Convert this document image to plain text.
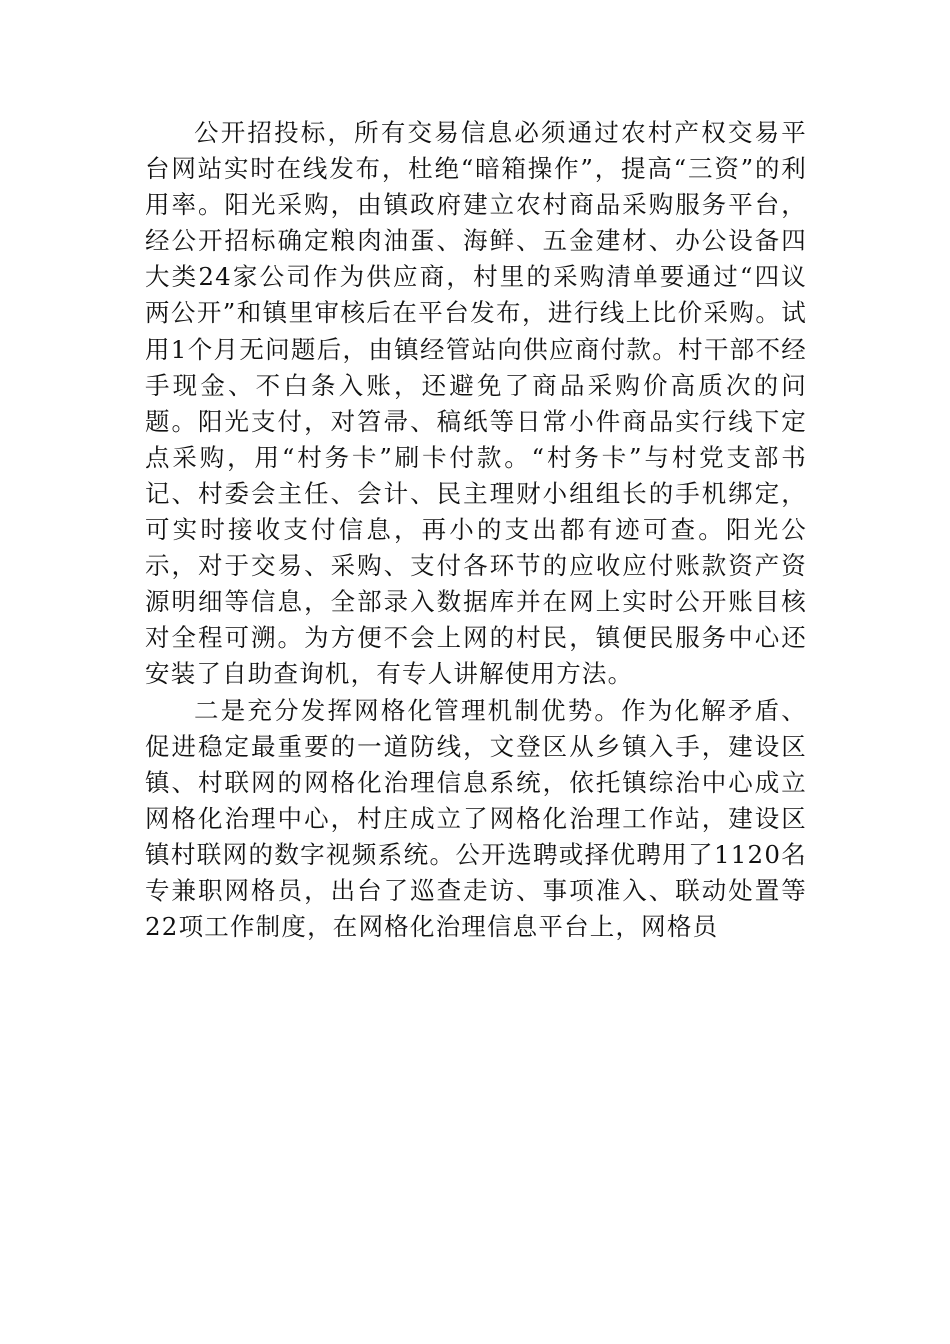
公开招投标，所有交易信息必须通过农村产权交易平台网站实时在线发布，杜绝“暗箱操作”，提高“三资”的利用率。阳光采购，由镇政府建立农村商品采购服务平台，经公开招标确定粮肉油蛋、海鲜、五金建材、办公设备四大类24家公司作为供应商，村里的采购清单要通过“四议两公开”和镇里审核后在平台发布，进行线上比价采购。试用1个月无问题后，由镇经管站向供应商付款。村干部不经手现金、不白条入账，还避免了商品采购价高质次的问题。阳光支付，对笤帚、稿纸等日常小件商品实行线下定点采购，用“村务卡”刷卡付款。“村务卡”与村党支部书记、村委会主任、会计、民主理财小组组长的手机绑定，可实时接收支付信息，再小的支出都有迹可查。阳光公示，对于交易、采购、支付各环节的应收应付账款资产资源明细等信息，全部录入数据库并在网上实时公开账目核对全程可溯。为方便不会上网的村民，镇便民服务中心还安装了自助查询机，有专人讲解使用方法。

二是充分发挥网格化管理机制优势。作为化解矛盾、促进稳定最重要的一道防线，文登区从乡镇入手，建设区镇、村联网的网格化治理信息系统，依托镇综治中心成立网格化治理中心，村庄成立了网格化治理工作站，建设区镇村联网的数字视频系统。公开选聘或择优聘用了1120名专兼职网格员，出台了巡查走访、事项准入、联动处置等22项工作制度，在网格化治理信息平台上，网格员
